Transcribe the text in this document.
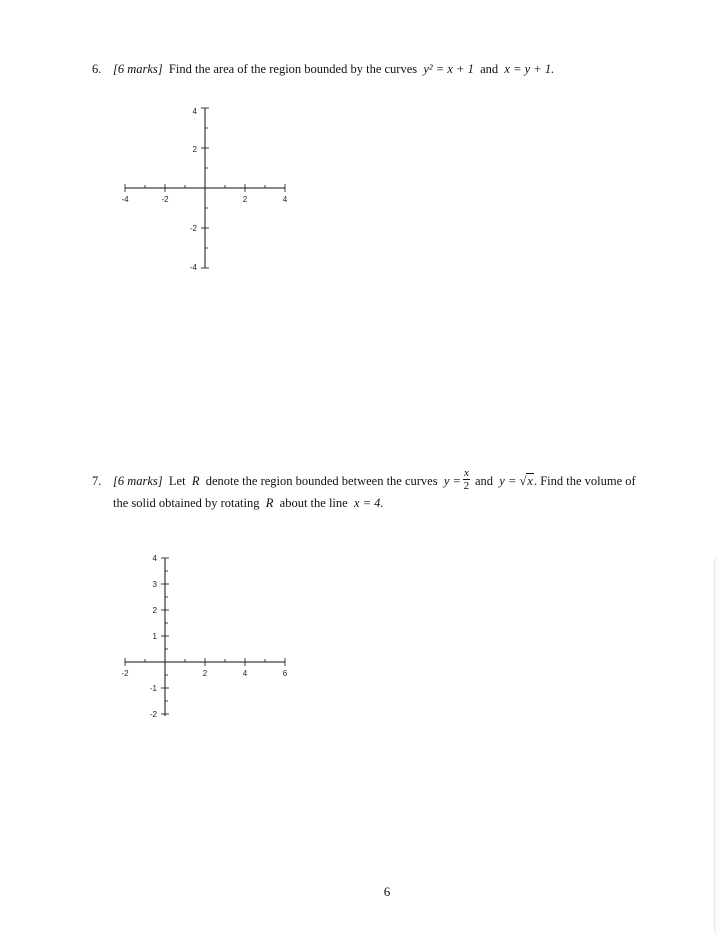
6. [6 marks] Find the area of the region bounded by the curves y² = x + 1 and x = y + 1.
-4	-2	2	4
4
2
-2
-4
7. [6 marks] Let R denote the region bounded between the curves $y = \frac{x}{2}$ and y = √x. Find the volume of
the solid obtained by rotating R about the line x = 4.
-2	2	4	6
4
3
2
1
-1
-2
6
